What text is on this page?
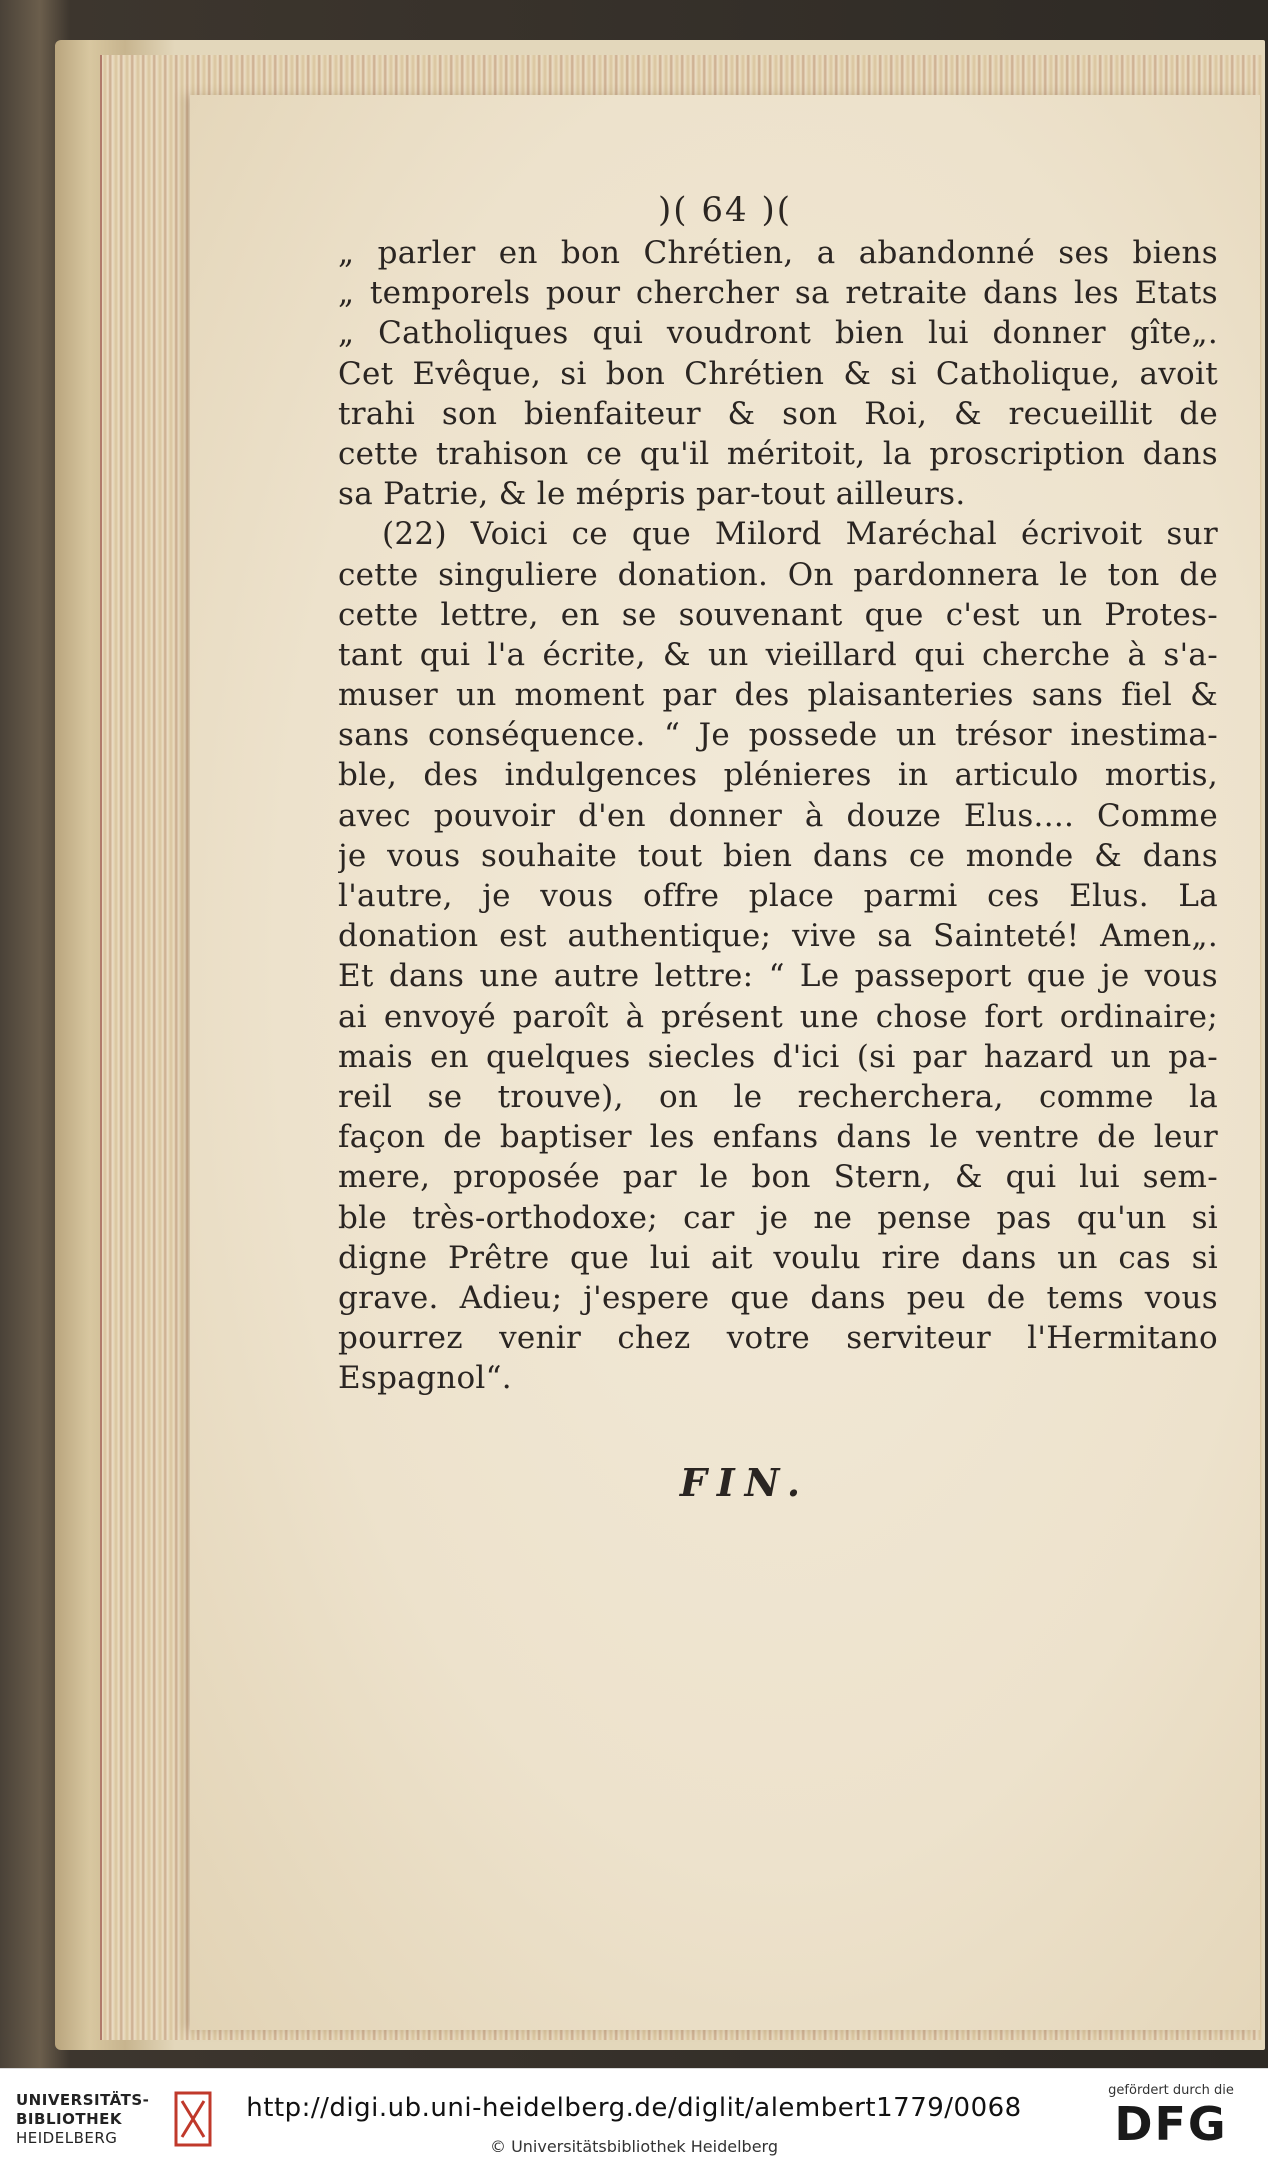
)( 64 )(
„ parler en bon Chrétien, a abandonné ses biens
„ temporels pour chercher sa retraite dans les Etats
„ Catholiques qui voudront bien lui donner gîte„.
Cet Evêque, si bon Chrétien & si Catholique, avoit
trahi son bienfaiteur & son Roi, & recueillit de
cette trahison ce qu'il méritoit, la proscription dans
sa Patrie, & le mépris par-tout ailleurs.
(22) Voici ce que Milord Maréchal écrivoit sur
cette singuliere donation. On pardonnera le ton de
cette lettre, en se souvenant que c'est un Protes-
tant qui l'a écrite, & un vieillard qui cherche à s'a-
muser un moment par des plaisanteries sans fiel &
sans conséquence. “ Je possede un trésor inestima-
ble, des indulgences plénieres in articulo mortis,
avec pouvoir d'en donner à douze Elus.... Comme
je vous souhaite tout bien dans ce monde & dans
l'autre, je vous offre place parmi ces Elus. La
donation est authentique; vive sa Sainteté! Amen„.
Et dans une autre lettre: “ Le passeport que je vous
ai envoyé paroît à présent une chose fort ordinaire;
mais en quelques siecles d'ici (si par hazard un pa-
reil se trouve), on le recherchera, comme la
façon de baptiser les enfans dans le ventre de leur
mere, proposée par le bon Stern, & qui lui sem-
ble très-orthodoxe; car je ne pense pas qu'un si
digne Prêtre que lui ait voulu rire dans un cas si
grave. Adieu; j'espere que dans peu de tems vous
pourrez venir chez votre serviteur l'Hermitano
Espagnol“.
FIN.
UNIVERSITÄTS-
BIBLIOTHEK
HEIDELBERG
http://digi.ub.uni-heidelberg.de/diglit/alembert1779/0068
© Universitätsbibliothek Heidelberg
gefördert durch die
DFG
